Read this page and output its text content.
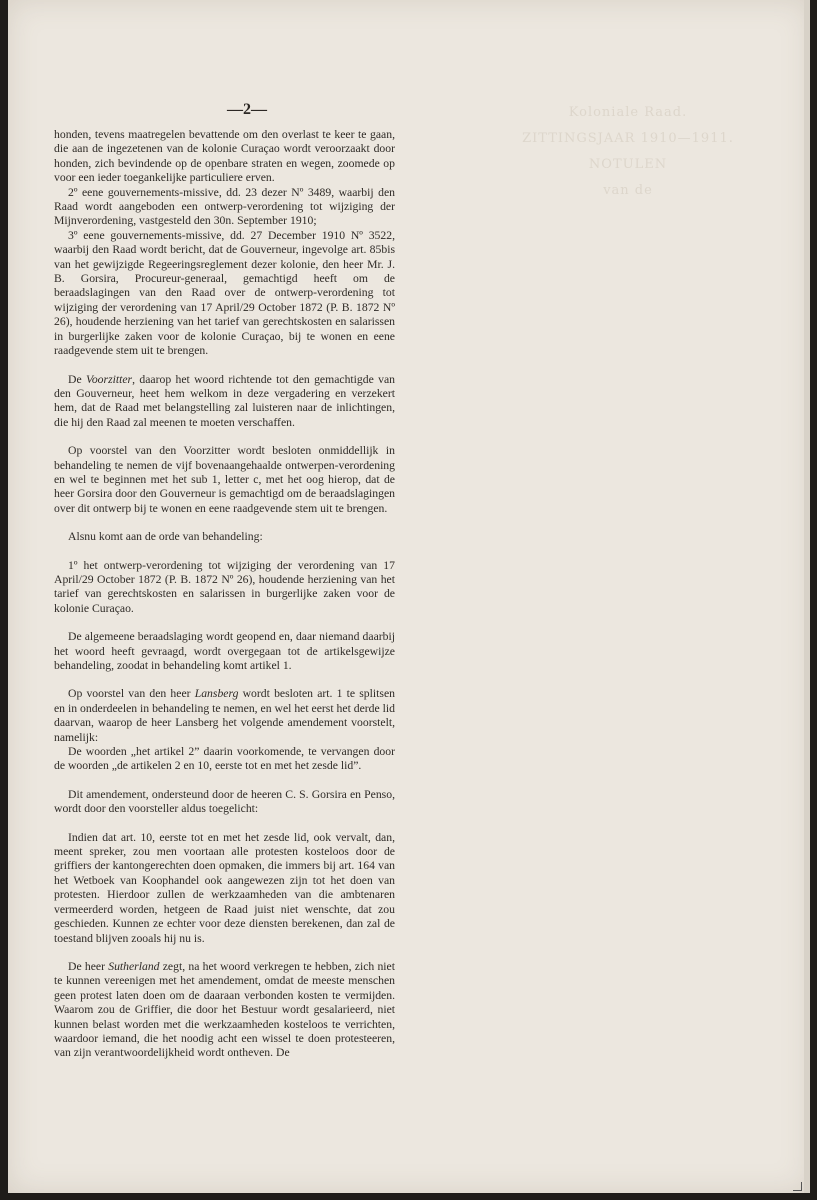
Koloniale Raad.
ZITTINGSJAAR 1910—1911.
NOTULEN
van de
—2—

honden, tevens maatregelen bevattende om den overlast te keer te gaan, die aan de ingezetenen van de kolonie Curaçao wordt veroorzaakt door honden, zich bevindende op de openbare straten en wegen, zoomede op voor een ieder toegankelijke particuliere erven.

2º eene gouvernements-missive, dd. 23 dezer Nº 3489, waarbij den Raad wordt aangeboden een ontwerp-verordening tot wijziging der Mijnverordening, vastgesteld den 30n. September 1910;

3º eene gouvernements-missive, dd. 27 December 1910 Nº 3522, waarbij den Raad wordt bericht, dat de Gouverneur, ingevolge art. 85bis van het gewijzigde Regeeringsreglement dezer kolonie, den heer Mr. J. B. Gorsira, Procureur-generaal, gemachtigd heeft om de beraadslagingen van den Raad over de ontwerp-verordening tot wijziging der verordening van 17 April/29 October 1872 (P. B. 1872 Nº 26), houdende herziening van het tarief van gerechtskosten en salarissen in burgerlijke zaken voor de kolonie Curaçao, bij te wonen en eene raadgevende stem uit te brengen.

De Voorzitter, daarop het woord richtende tot den gemachtigde van den Gouverneur, heet hem welkom in deze vergadering en verzekert hem, dat de Raad met belangstelling zal luisteren naar de inlichtingen, die hij den Raad zal meenen te moeten verschaffen.

Op voorstel van den Voorzitter wordt besloten onmiddellijk in behandeling te nemen de vijf bovenaangehaalde ontwerpen-verordening en wel te beginnen met het sub 1, letter c, met het oog hierop, dat de heer Gorsira door den Gouverneur is gemachtigd om de beraadslagingen over dit ontwerp bij te wonen en eene raadgevende stem uit te brengen.

Alsnu komt aan de orde van behandeling:

1º het ontwerp-verordening tot wijziging der verordening van 17 April/29 October 1872 (P. B. 1872 Nº 26), houdende herziening van het tarief van gerechtskosten en salarissen in burgerlijke zaken voor de kolonie Curaçao.

De algemeene beraadslaging wordt geopend en, daar niemand daarbij het woord heeft gevraagd, wordt overgegaan tot de artikelsgewijze behandeling, zoodat in behandeling komt artikel 1.

Op voorstel van den heer Lansberg wordt besloten art. 1 te splitsen en in onderdeelen in behandeling te nemen, en wel het eerst het derde lid daarvan, waarop de heer Lansberg het volgende amendement voorstelt, namelijk:

De woorden „het artikel 2” daarin voorkomende, te vervangen door de woorden „de artikelen 2 en 10, eerste tot en met het zesde lid”.

Dit amendement, ondersteund door de heeren C. S. Gorsira en Penso, wordt door den voorsteller aldus toegelicht:

Indien dat art. 10, eerste tot en met het zesde lid, ook vervalt, dan, meent spreker, zou men voortaan alle protesten kosteloos door de griffiers der kantongerechten doen opmaken, die immers bij art. 164 van het Wetboek van Koophandel ook aangewezen zijn tot het doen van protesten. Hierdoor zullen de werkzaamheden van die ambtenaren vermeerderd worden, hetgeen de Raad juist niet wenschte, dat zou geschieden. Kunnen ze echter voor deze diensten berekenen, dan zal de toestand blijven zooals hij nu is.

De heer Sutherland zegt, na het woord verkregen te hebben, zich niet te kunnen vereenigen met het amendement, omdat de meeste menschen geen protest laten doen om de daaraan verbonden kosten te vermijden. Waarom zou de Griffier, die door het Bestuur wordt gesalarieerd, niet kunnen belast worden met die werkzaamheden kosteloos te verrichten, waardoor iemand, die het noodig acht een wissel te doen protesteeren, van zijn verantwoordelijkheid wordt ontheven. De
